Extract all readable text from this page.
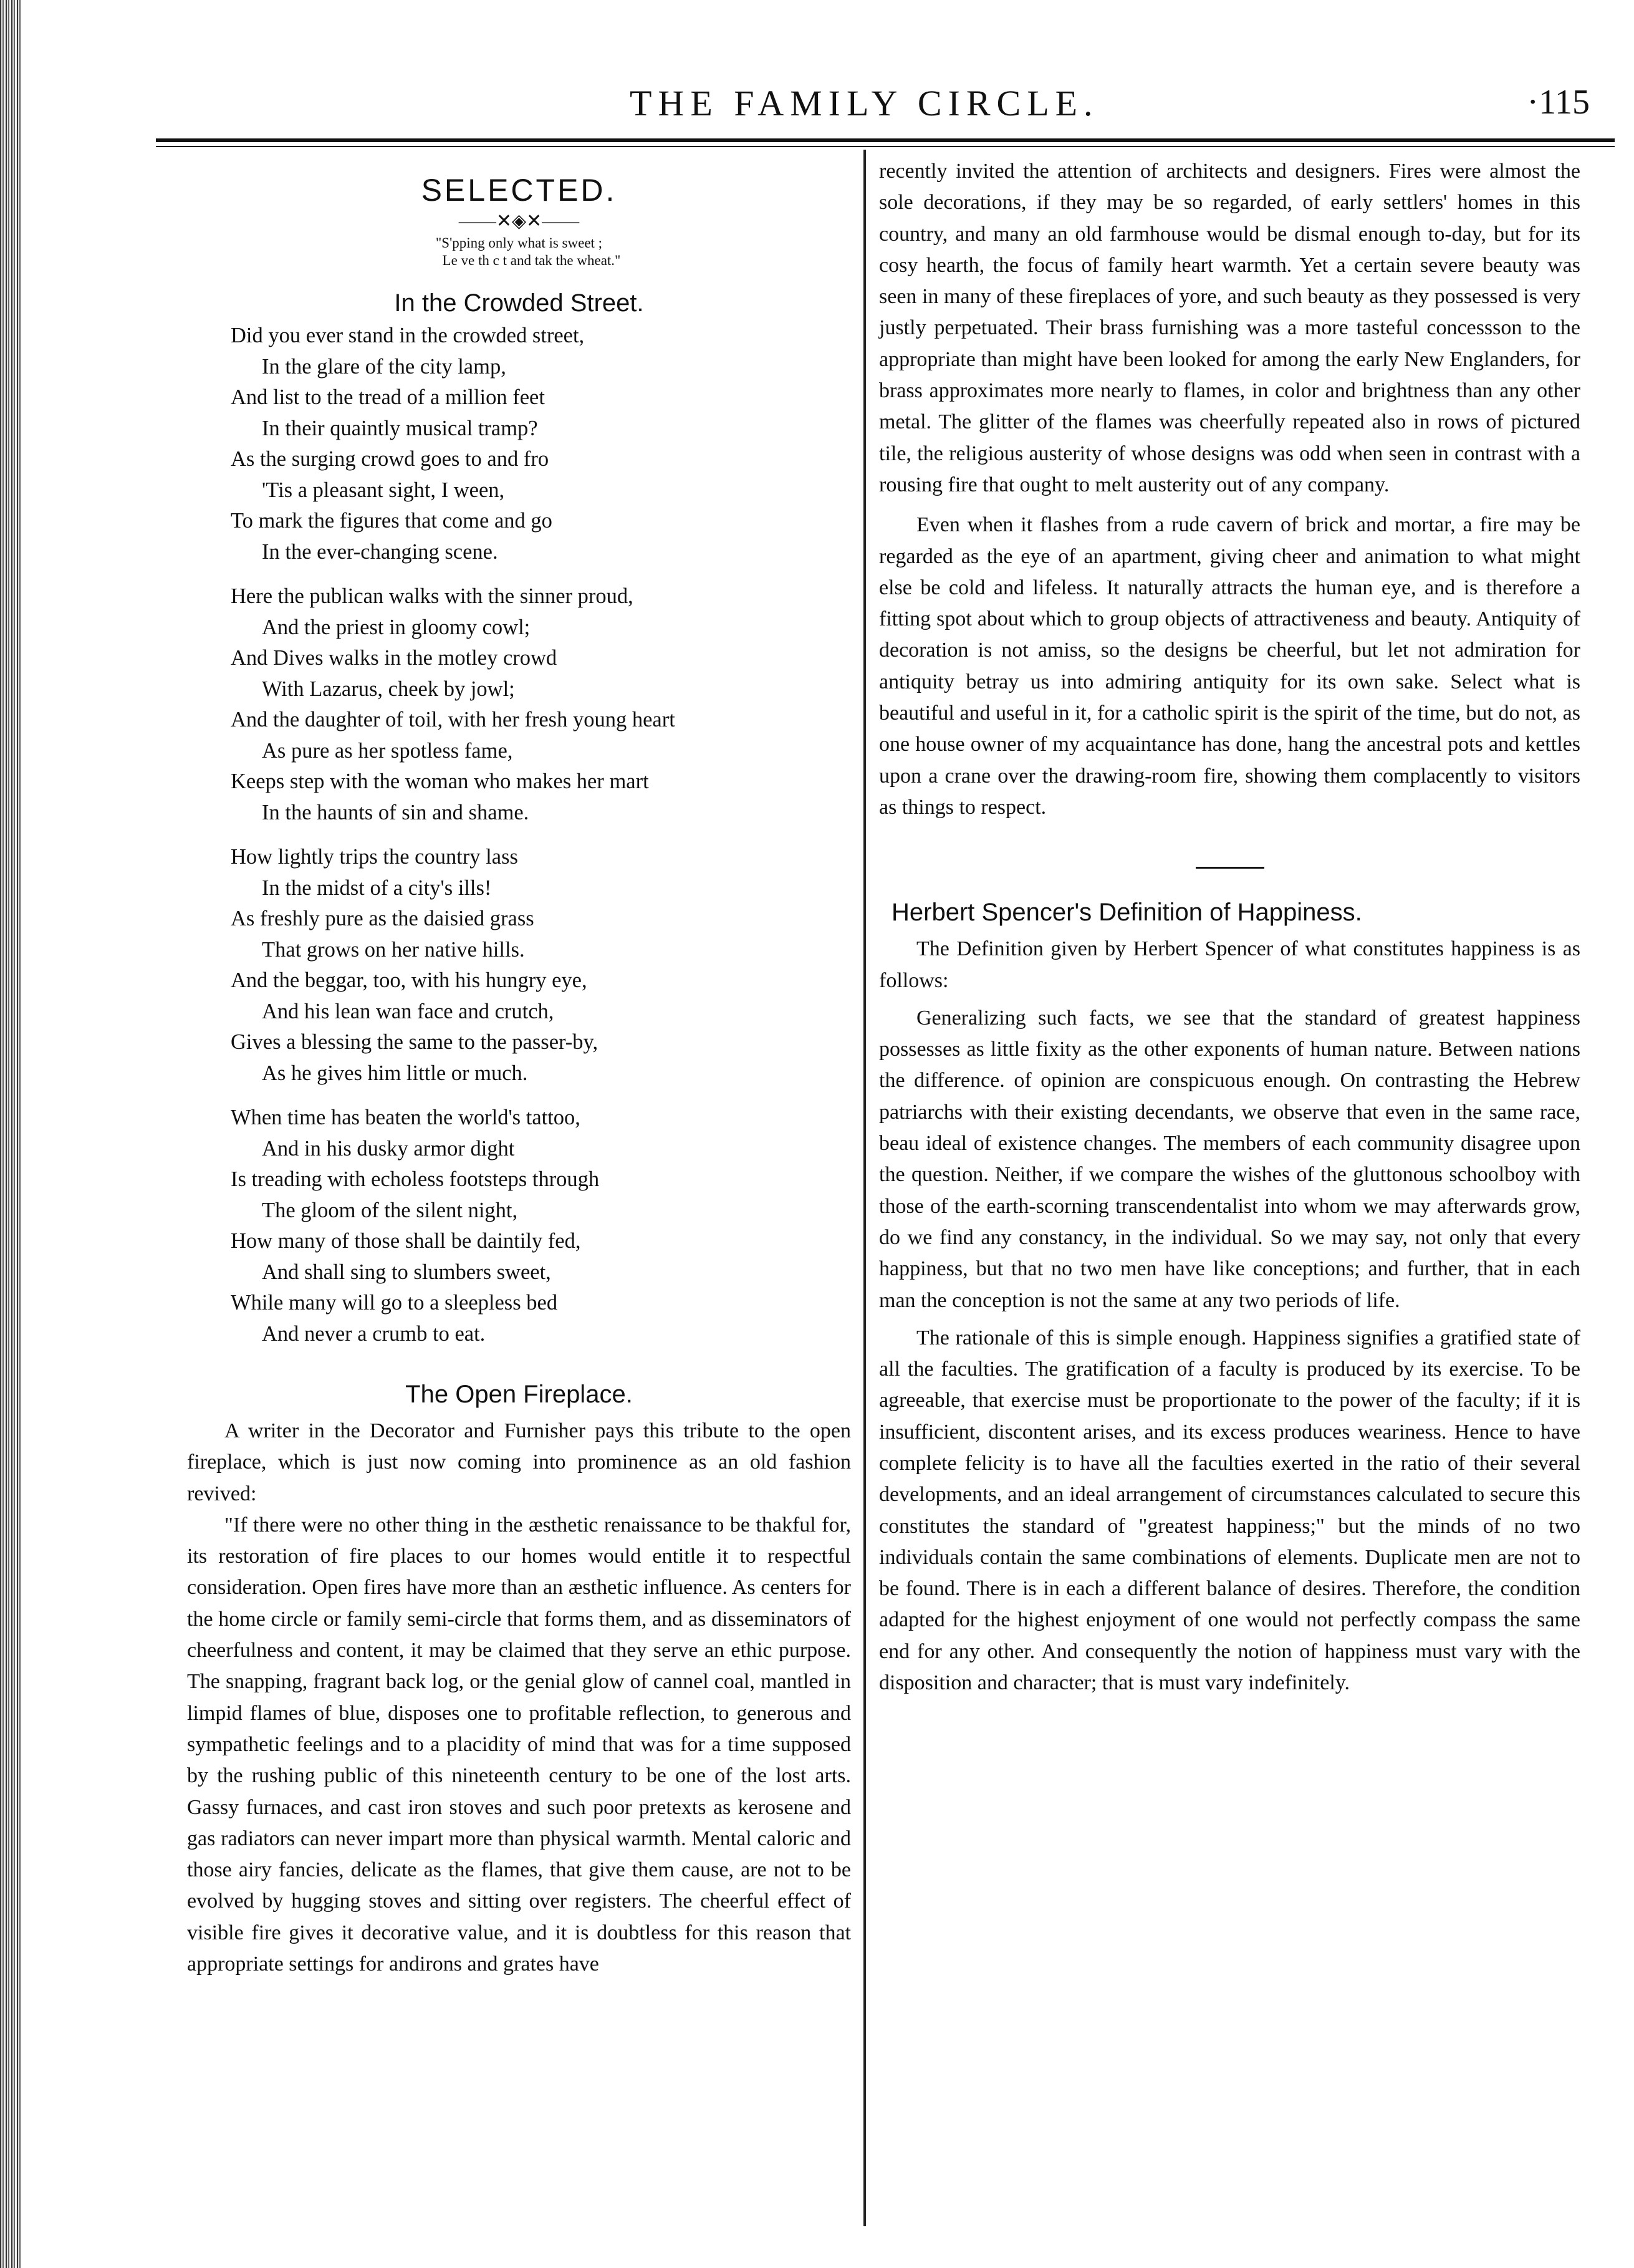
THE FAMILY CIRCLE.	·115
SELECTED.
——✕◈✕——
"S'pping only what is sweet ;
Le ve th c t and tak the wheat."
In the Crowded Street.
Did you ever stand in the crowded street,
In the glare of the city lamp,
And list to the tread of a million feet
In their quaintly musical tramp?
As the surging crowd goes to and fro
'Tis a pleasant sight, I ween,
To mark the figures that come and go
In the ever-changing scene.
Here the publican walks with the sinner proud,
And the priest in gloomy cowl;
And Dives walks in the motley crowd
With Lazarus, cheek by jowl;
And the daughter of toil, with her fresh young heart
As pure as her spotless fame,
Keeps step with the woman who makes her mart
In the haunts of sin and shame.
How lightly trips the country lass
In the midst of a city's ills!
As freshly pure as the daisied grass
That grows on her native hills.
And the beggar, too, with his hungry eye,
And his lean wan face and crutch,
Gives a blessing the same to the passer-by,
As he gives him little or much.
When time has beaten the world's tattoo,
And in his dusky armor dight
Is treading with echoless footsteps through
The gloom of the silent night,
How many of those shall be daintily fed,
And shall sing to slumbers sweet,
While many will go to a sleepless bed
And never a crumb to eat.
The Open Fireplace.

A writer in the Decorator and Furnisher pays this tribute to the open fireplace, which is just now coming into prominence as an old fashion revived:

"If there were no other thing in the æsthetic renaissance to be thakful for, its restoration of fire places to our homes would entitle it to respectful consideration. Open fires have more than an æsthetic influence. As centers for the home circle or family semi-circle that forms them, and as disseminators of cheerfulness and content, it may be claimed that they serve an ethic purpose. The snapping, fragrant back log, or the genial glow of cannel coal, mantled in limpid flames of blue, disposes one to profitable reflection, to generous and sympathetic feelings and to a placidity of mind that was for a time supposed by the rushing public of this nineteenth century to be one of the lost arts. Gassy furnaces, and cast iron stoves and such poor pretexts as kerosene and gas radiators can never impart more than physical warmth. Mental caloric and those airy fancies, delicate as the flames, that give them cause, are not to be evolved by hugging stoves and sitting over registers. The cheerful effect of visible fire gives it decorative value, and it is doubtless for this reason that appropriate settings for andirons and grates have

recently invited the attention of architects and designers. Fires were almost the sole decorations, if they may be so regarded, of early settlers' homes in this country, and many an old farmhouse would be dismal enough to-day, but for its cosy hearth, the focus of family heart warmth. Yet a certain severe beauty was seen in many of these fireplaces of yore, and such beauty as they possessed is very justly perpetuated. Their brass furnishing was a more tasteful concessson to the appropriate than might have been looked for among the early New Englanders, for brass approximates more nearly to flames, in color and brightness than any other metal. The glitter of the flames was cheerfully repeated also in rows of pictured tile, the religious austerity of whose designs was odd when seen in contrast with a rousing fire that ought to melt austerity out of any company.

Even when it flashes from a rude cavern of brick and mortar, a fire may be regarded as the eye of an apartment, giving cheer and animation to what might else be cold and lifeless. It naturally attracts the human eye, and is therefore a fitting spot about which to group objects of attractiveness and beauty. Antiquity of decoration is not amiss, so the designs be cheerful, but let not admiration for antiquity betray us into admiring antiquity for its own sake. Select what is beautiful and useful in it, for a catholic spirit is the spirit of the time, but do not, as one house owner of my acquaintance has done, hang the ancestral pots and kettles upon a crane over the drawing-room fire, showing them complacently to visitors as things to respect.

Herbert Spencer's Definition of Happiness.

The Definition given by Herbert Spencer of what constitutes happiness is as follows:

Generalizing such facts, we see that the standard of greatest happiness possesses as little fixity as the other exponents of human nature. Between nations the difference. of opinion are conspicuous enough. On contrasting the Hebrew patriarchs with their existing decendants, we observe that even in the same race, beau ideal of existence changes. The members of each community disagree upon the question. Neither, if we compare the wishes of the gluttonous schoolboy with those of the earth-scorning transcendentalist into whom we may afterwards grow, do we find any constancy, in the individual. So we may say, not only that every happiness, but that no two men have like conceptions; and further, that in each man the conception is not the same at any two periods of life.

The rationale of this is simple enough. Happiness signifies a gratified state of all the faculties. The gratification of a faculty is produced by its exercise. To be agreeable, that exercise must be proportionate to the power of the faculty; if it is insufficient, discontent arises, and its excess produces weariness. Hence to have complete felicity is to have all the faculties exerted in the ratio of their several developments, and an ideal arrangement of circumstances calculated to secure this constitutes the standard of "greatest happiness;" but the minds of no two individuals contain the same combinations of elements. Duplicate men are not to be found. There is in each a different balance of desires. Therefore, the condition adapted for the highest enjoyment of one would not perfectly compass the same end for any other. And consequently the notion of happiness must vary with the disposition and character; that is must vary indefinitely.
